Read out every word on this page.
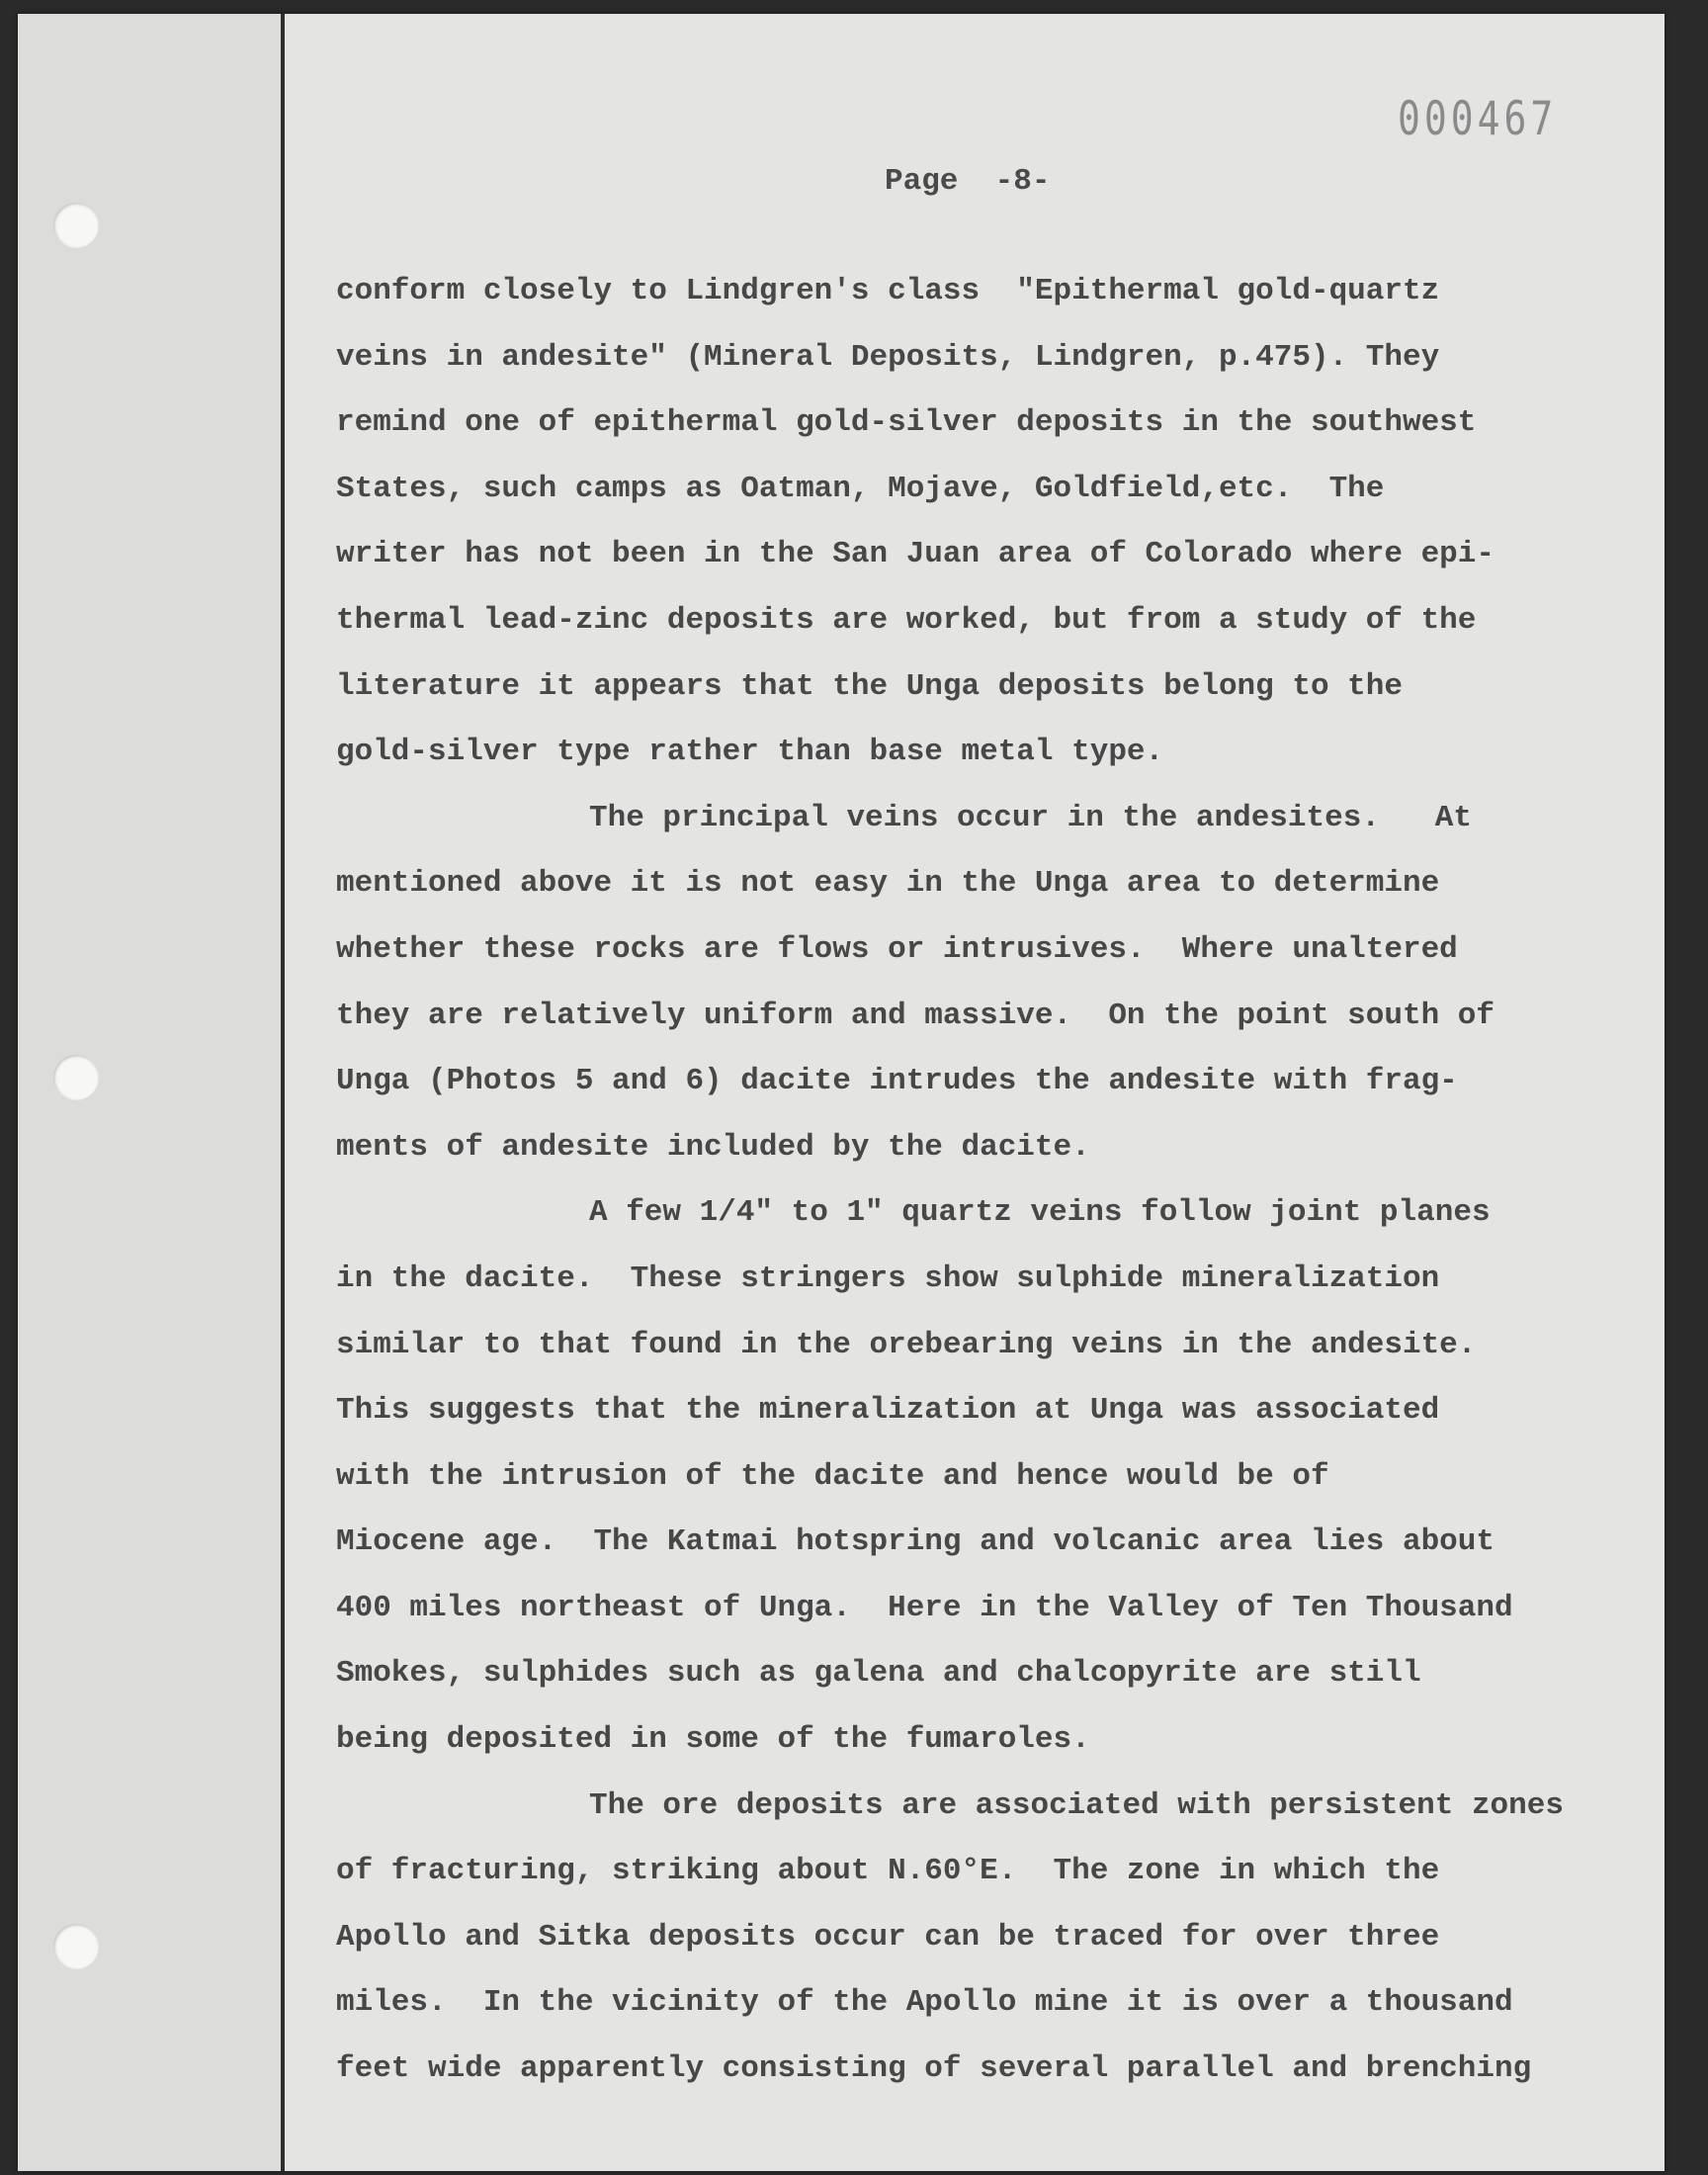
000467
Page  -8-
conform closely to Lindgren's class  "Epithermal gold-quartz
veins in andesite" (Mineral Deposits, Lindgren, p.475). They
remind one of epithermal gold-silver deposits in the southwest
States, such camps as Oatman, Mojave, Goldfield,etc.  The
writer has not been in the San Juan area of Colorado where epi-
thermal lead-zinc deposits are worked, but from a study of the
literature it appears that the Unga deposits belong to the
gold-silver type rather than base metal type.
The principal veins occur in the andesites.   At
mentioned above it is not easy in the Unga area to determine
whether these rocks are flows or intrusives.  Where unaltered
they are relatively uniform and massive.  On the point south of
Unga (Photos 5 and 6) dacite intrudes the andesite with frag-
ments of andesite included by the dacite.
A few 1/4" to 1" quartz veins follow joint planes
in the dacite.  These stringers show sulphide mineralization
similar to that found in the orebearing veins in the andesite.
This suggests that the mineralization at Unga was associated
with the intrusion of the dacite and hence would be of
Miocene age.  The Katmai hotspring and volcanic area lies about
400 miles northeast of Unga.  Here in the Valley of Ten Thousand
Smokes, sulphides such as galena and chalcopyrite are still
being deposited in some of the fumaroles.
The ore deposits are associated with persistent zones
of fracturing, striking about N.60°E.  The zone in which the
Apollo and Sitka deposits occur can be traced for over three
miles.  In the vicinity of the Apollo mine it is over a thousand
feet wide apparently consisting of several parallel and brenching
